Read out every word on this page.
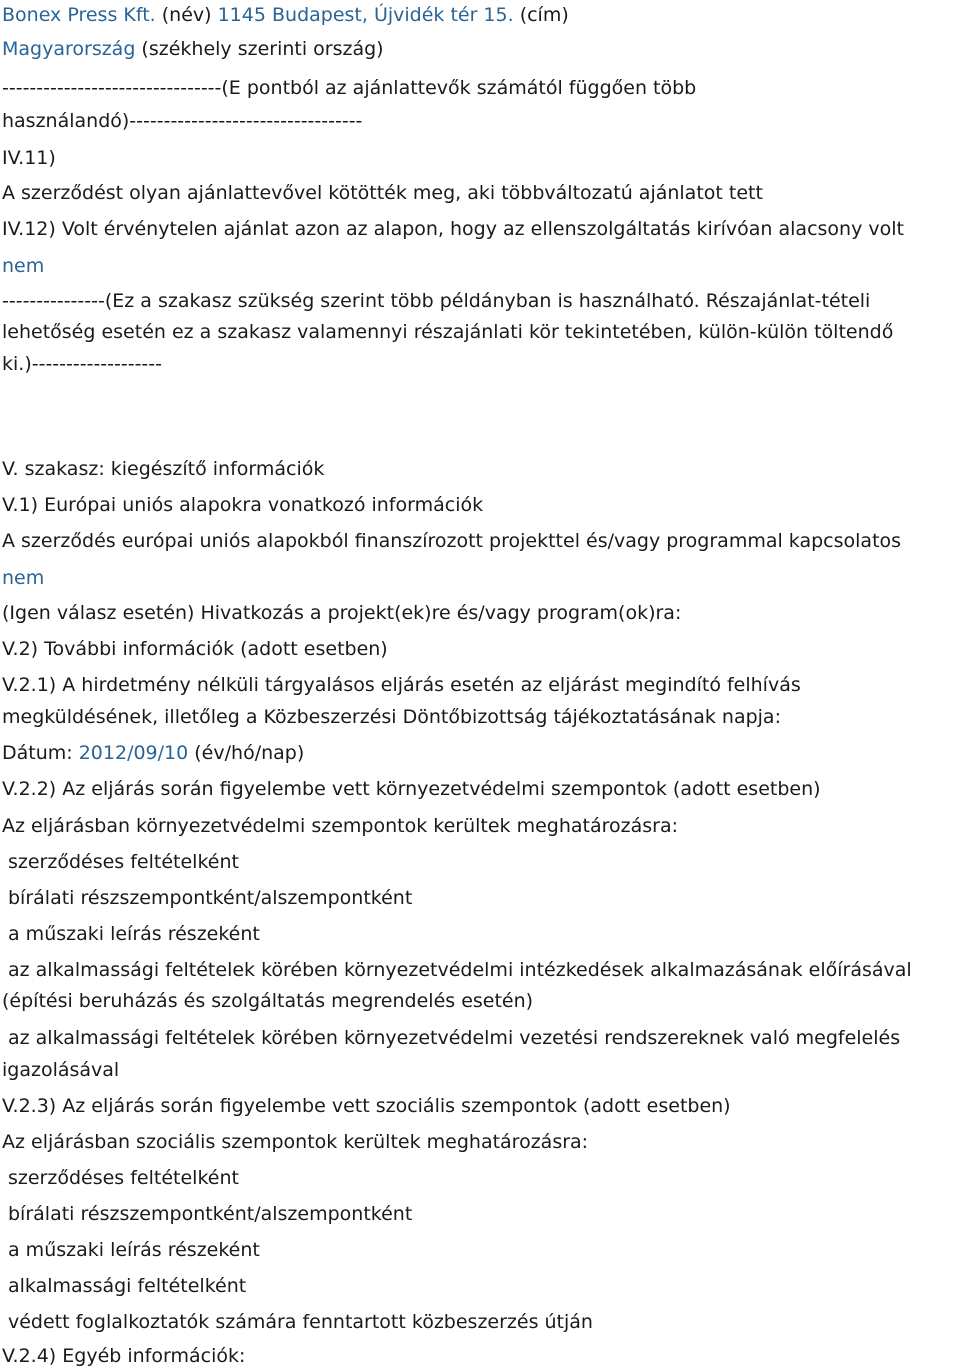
Bonex Press Kft. (név) 1145 Budapest, Újvidék tér 15. (cím)
Magyarország (székhely szerinti ország)
--------------------------------(E pontból az ajánlattevők számától függően több
használandó)----------------------------------
IV.11)
A szerződést olyan ajánlattevővel kötötték meg, aki többváltozatú ajánlatot tett
IV.12) Volt érvénytelen ajánlat azon az alapon, hogy az ellenszolgáltatás kirívóan alacsony volt
nem
---------------(Ez a szakasz szükség szerint több példányban is használható. Részajánlat-tételi
lehetőség esetén ez a szakasz valamennyi részajánlati kör tekintetében, külön-külön töltendő
ki.)-------------------
V. szakasz: kiegészítő információk
V.1) Európai uniós alapokra vonatkozó információk
A szerződés európai uniós alapokból finanszírozott projekttel és/vagy programmal kapcsolatos
nem
(Igen válasz esetén) Hivatkozás a projekt(ek)re és/vagy program(ok)ra:
V.2) További információk (adott esetben)
V.2.1) A hirdetmény nélküli tárgyalásos eljárás esetén az eljárást megindító felhívás
megküldésének, illetőleg a Közbeszerzési Döntőbizottság tájékoztatásának napja:
Dátum: 2012/09/10 (év/hó/nap)
V.2.2) Az eljárás során figyelembe vett környezetvédelmi szempontok (adott esetben)
Az eljárásban környezetvédelmi szempontok kerültek meghatározásra:
szerződéses feltételként
bírálati részszempontként/alszempontként
a műszaki leírás részeként
az alkalmassági feltételek körében környezetvédelmi intézkedések alkalmazásának előírásával
(építési beruházás és szolgáltatás megrendelés esetén)
az alkalmassági feltételek körében környezetvédelmi vezetési rendszereknek való megfelelés
igazolásával
V.2.3) Az eljárás során figyelembe vett szociális szempontok (adott esetben)
Az eljárásban szociális szempontok kerültek meghatározásra:
szerződéses feltételként
bírálati részszempontként/alszempontként
a műszaki leírás részeként
alkalmassági feltételként
védett foglalkoztatók számára fenntartott közbeszerzés útján
V.2.4) Egyéb információk:
